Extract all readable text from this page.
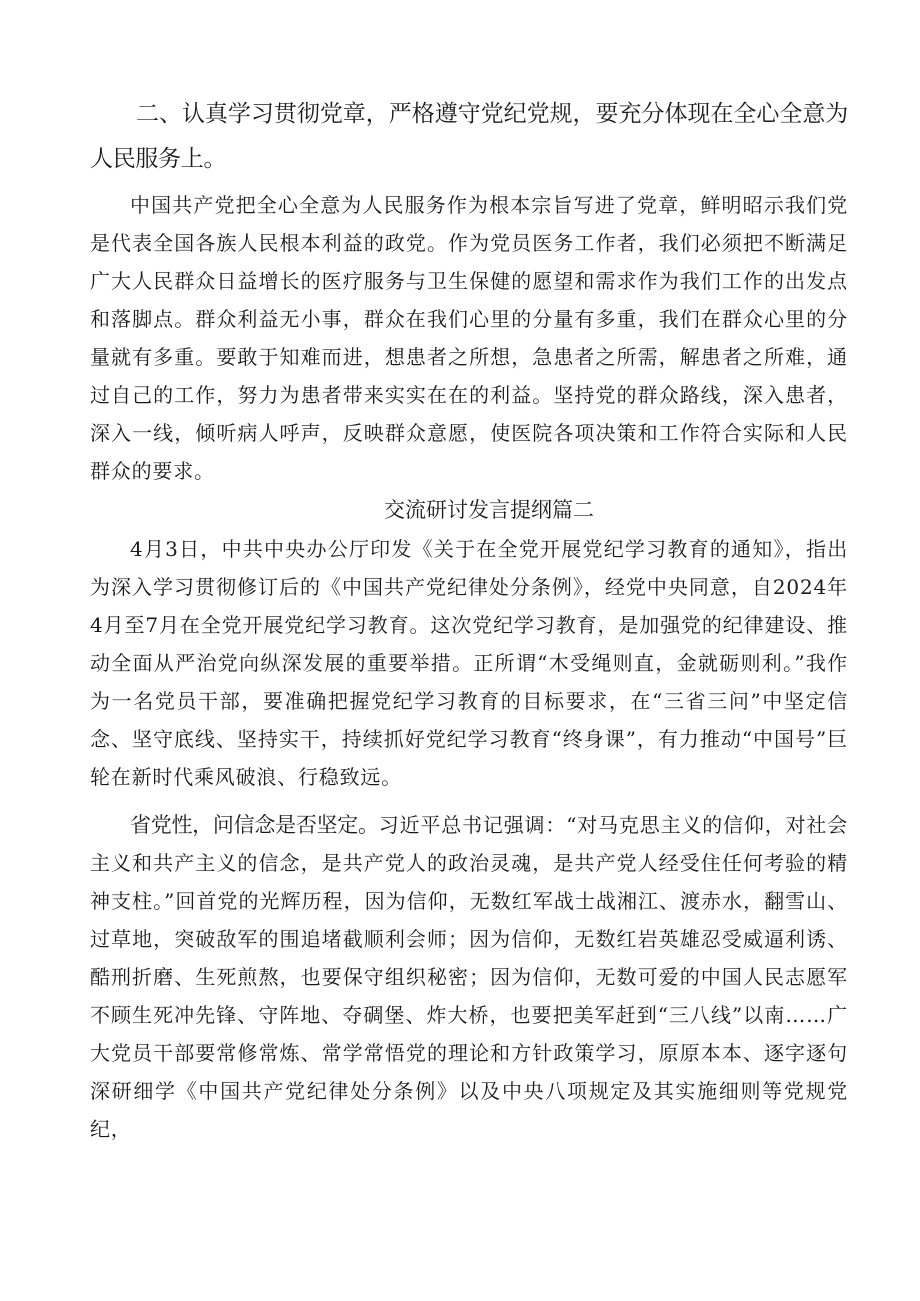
二、认真学习贯彻党章，严格遵守党纪党规，要充分体现在全心全意为人民服务上。

中国共产党把全心全意为人民服务作为根本宗旨写进了党章，鲜明昭示我们党是代表全国各族人民根本利益的政党。作为党员医务工作者，我们必须把不断满足广大人民群众日益增长的医疗服务与卫生保健的愿望和需求作为我们工作的出发点和落脚点。群众利益无小事，群众在我们心里的分量有多重，我们在群众心里的分量就有多重。要敢于知难而进，想患者之所想，急患者之所需，解患者之所难，通过自己的工作，努力为患者带来实实在在的利益。坚持党的群众路线，深入患者，深入一线，倾听病人呼声，反映群众意愿，使医院各项决策和工作符合实际和人民群众的要求。

交流研讨发言提纲篇二

4月3日，中共中央办公厅印发《关于在全党开展党纪学习教育的通知》，指出为深入学习贯彻修订后的《中国共产党纪律处分条例》，经党中央同意，自2024年4月至7月在全党开展党纪学习教育。这次党纪学习教育，是加强党的纪律建设、推动全面从严治党向纵深发展的重要举措。正所谓“木受绳则直，金就砺则利。”我作为一名党员干部，要准确把握党纪学习教育的目标要求，在“三省三问”中坚定信念、坚守底线、坚持实干，持续抓好党纪学习教育“终身课”，有力推动“中国号”巨轮在新时代乘风破浪、行稳致远。

省党性，问信念是否坚定。习近平总书记强调：“对马克思主义的信仰，对社会主义和共产主义的信念，是共产党人的政治灵魂，是共产党人经受住任何考验的精神支柱。”回首党的光辉历程，因为信仰，无数红军战士战湘江、渡赤水，翻雪山、过草地，突破敌军的围追堵截顺利会师；因为信仰，无数红岩英雄忍受威逼利诱、酷刑折磨、生死煎熬，也要保守组织秘密；因为信仰，无数可爱的中国人民志愿军不顾生死冲先锋、守阵地、夺碉堡、炸大桥，也要把美军赶到“三八线”以南……广大党员干部要常修常炼、常学常悟党的理论和方针政策学习，原原本本、逐字逐句深研细学《中国共产党纪律处分条例》以及中央八项规定及其实施细则等党规党纪，
